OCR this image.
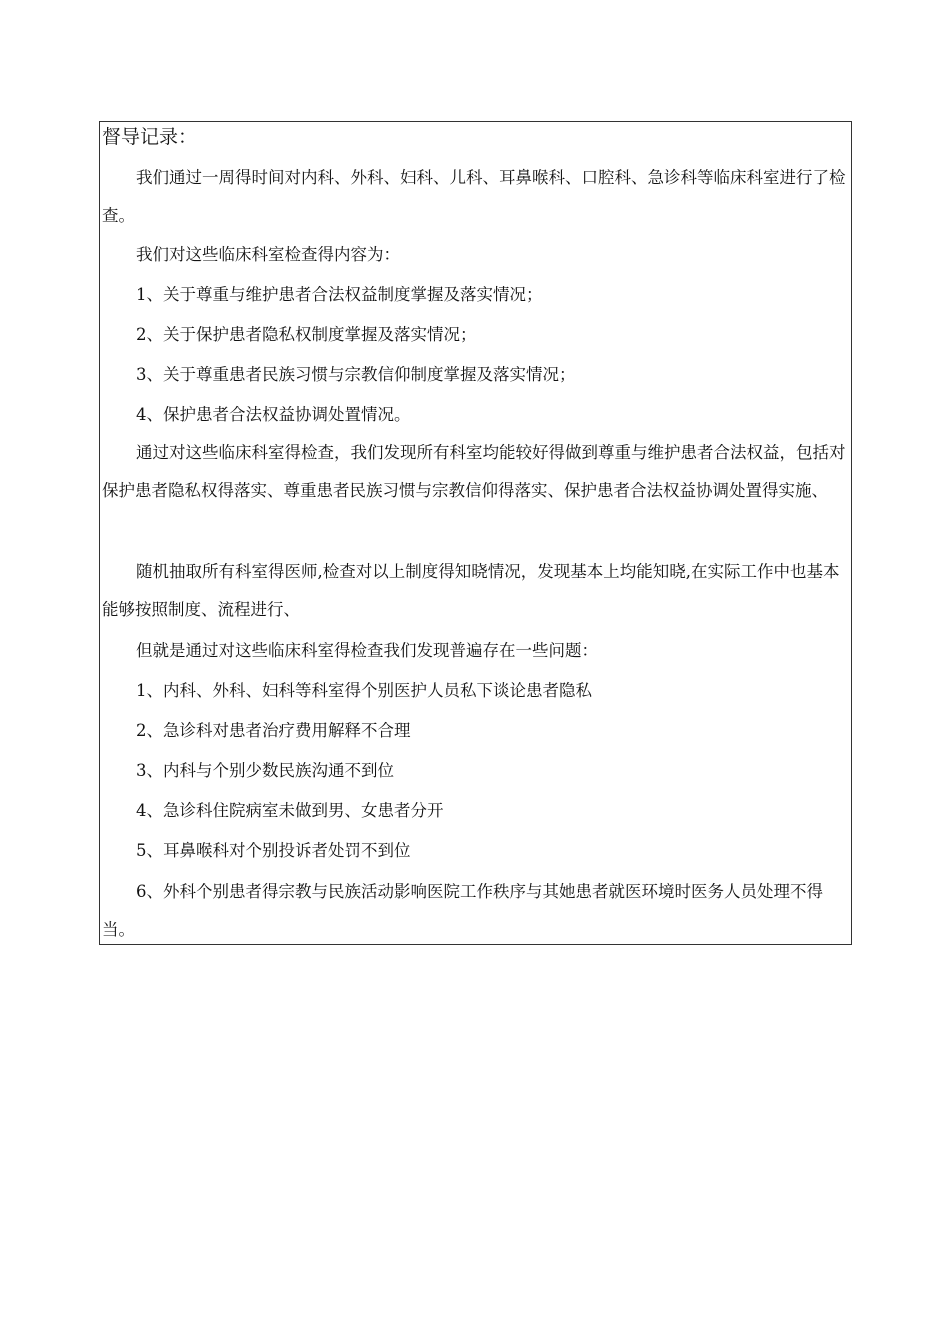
督导记录：
我们通过一周得时间对内科、外科、妇科、儿科、耳鼻喉科、口腔科、急诊科等临床科室进行了检查。
我们对这些临床科室检查得内容为：
1、关于尊重与维护患者合法权益制度掌握及落实情况；
2、关于保护患者隐私权制度掌握及落实情况；
3、关于尊重患者民族习惯与宗教信仰制度掌握及落实情况；
4、保护患者合法权益协调处置情况。
通过对这些临床科室得检查，我们发现所有科室均能较好得做到尊重与维护患者合法权益，包括对保护患者隐私权得落实、尊重患者民族习惯与宗教信仰得落实、保护患者合法权益协调处置得实施、
随机抽取所有科室得医师,检查对以上制度得知晓情况，发现基本上均能知晓,在实际工作中也基本能够按照制度、流程进行、
但就是通过对这些临床科室得检查我们发现普遍存在一些问题：
1、内科、外科、妇科等科室得个别医护人员私下谈论患者隐私
2、急诊科对患者治疗费用解释不合理
3、内科与个别少数民族沟通不到位
4、急诊科住院病室未做到男、女患者分开
5、耳鼻喉科对个别投诉者处罚不到位
6、外科个别患者得宗教与民族活动影响医院工作秩序与其她患者就医环境时医务人员处理不得当。
